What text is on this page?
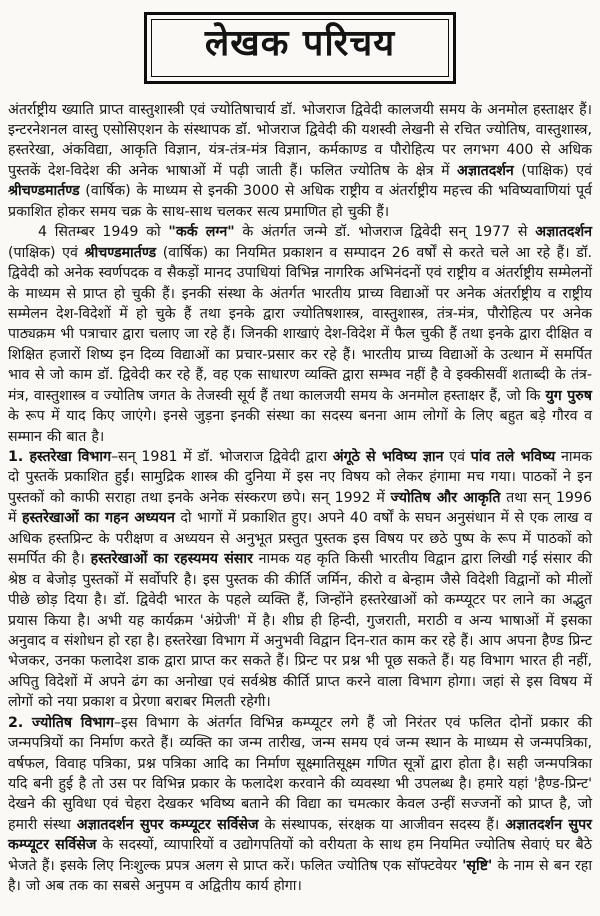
लेखक परिचय

अंतर्राष्ट्रीय ख्याति प्राप्त वास्तुशास्त्री एवं ज्योतिषाचार्य डॉ. भोजराज द्विवेदी कालजयी समय के अनमोल हस्ताक्षर हैं। इन्टरनेशनल वास्तु एसोसिएशन के संस्थापक डॉ. भोजराज द्विवेदी की यशस्वी लेखनी से रचित ज्योतिष, वास्तुशास्त्र, हस्तरेखा, अंकविद्या, आकृति विज्ञान, यंत्र-तंत्र-मंत्र विज्ञान, कर्मकाण्ड व पौरोहित्य पर लगभग 400 से अधिक पुस्तकें देश-विदेश की अनेक भाषाओं में पढ़ी जाती हैं। फलित ज्योतिष के क्षेत्र में अज्ञातदर्शन (पाक्षिक) एवं श्रीचण्डमार्तण्ड (वार्षिक) के माध्यम से इनकी 3000 से अधिक राष्ट्रीय व अंतर्राष्ट्रीय महत्त्व की भविष्यवाणियां पूर्व प्रकाशित होकर समय चक्र के साथ-साथ चलकर सत्य प्रमाणित हो चुकी हैं।

4 सितम्बर 1949 को "कर्क लग्न" के अंतर्गत जन्मे डॉ. भोजराज द्विवेदी सन् 1977 से अज्ञातदर्शन (पाक्षिक) एवं श्रीचण्डमार्तण्ड (वार्षिक) का नियमित प्रकाशन व सम्पादन 26 वर्षों से करते चले आ रहे हैं। डॉ. द्विवेदी को अनेक स्वर्णपदक व सैकड़ों मानद उपाधियां विभिन्न नागरिक अभिनंदनों एवं राष्ट्रीय व अंतर्राष्ट्रीय सम्मेलनों के माध्यम से प्राप्त हो चुकी हैं। इनकी संस्था के अंतर्गत भारतीय प्राच्य विद्याओं पर अनेक अंतर्राष्ट्रीय व राष्ट्रीय सम्मेलन देश-विदेशों में हो चुके हैं तथा इनके द्वारा ज्योतिषशास्त्र, वास्तुशास्त्र, तंत्र-मंत्र, पौरोहित्य पर अनेक पाठ्यक्रम भी पत्राचार द्वारा चलाए जा रहे हैं। जिनकी शाखाएं देश-विदेश में फैल चुकी हैं तथा इनके द्वारा दीक्षित व शिक्षित हजारों शिष्य इन दिव्य विद्याओं का प्रचार-प्रसार कर रहे हैं। भारतीय प्राच्य विद्याओं के उत्थान में समर्पित भाव से जो काम डॉ. द्विवेदी कर रहे हैं, वह एक साधारण व्यक्ति द्वारा सम्भव नहीं है वे इक्कीसवीं शताब्दी के तंत्र-मंत्र, वास्तुशास्त्र व ज्योतिष जगत के तेजस्वी सूर्य हैं तथा कालजयी समय के अनमोल हस्ताक्षर हैं, जो कि युग पुरुष के रूप में याद किए जाएंगे। इनसे जुड़ना इनकी संस्था का सदस्य बनना आम लोगों के लिए बहुत बड़े गौरव व सम्मान की बात है।

1. हस्तरेखा विभाग–सन् 1981 में डॉ. भोजराज द्विवेदी द्वारा अंगूठे से भविष्य ज्ञान एवं पांव तले भविष्य नामक दो पुस्तकें प्रकाशित हुईं। सामुद्रिक शास्त्र की दुनिया में इस नए विषय को लेकर हंगामा मच गया। पाठकों ने इन पुस्तकों को काफी सराहा तथा इनके अनेक संस्करण छपे। सन् 1992 में ज्योतिष और आकृति तथा सन् 1996 में हस्तरेखाओं का गहन अध्ययन दो भागों में प्रकाशित हुए। अपने 40 वर्षों के सघन अनुसंधान में से एक लाख व अधिक हस्तप्रिन्ट के परीक्षण व अध्ययन से अनुभूत प्रस्तुत पुस्तक इस विषय पर छठे पुष्प के रूप में पाठकों को समर्पित की है। हस्तरेखाओं का रहस्यमय संसार नामक यह कृति किसी भारतीय विद्वान द्वारा लिखी गई संसार की श्रेष्ठ व बेजोड़ पुस्तकों में सर्वोपरि है। इस पुस्तक की कीर्ति जर्मिन, कीरो व बेन्हाम जैसे विदेशी विद्वानों को मीलों पीछे छोड़ दिया है। डॉ. द्विवेदी भारत के पहले व्यक्ति हैं, जिन्होंने हस्तरेखाओं को कम्प्यूटर पर लाने का अद्भुत प्रयास किया है। अभी यह कार्यक्रम 'अंग्रेजी' में है। शीघ्र ही हिन्दी, गुजराती, मराठी व अन्य भाषाओं में इसका अनुवाद व संशोधन हो रहा है। हस्तरेखा विभाग में अनुभवी विद्वान दिन-रात काम कर रहे हैं। आप अपना हैण्ड प्रिन्ट भेजकर, उनका फलादेश डाक द्वारा प्राप्त कर सकते हैं। प्रिन्ट पर प्रश्न भी पूछ सकते हैं। यह विभाग भारत ही नहीं, अपितु विदेशों में अपने ढंग का अनोखा एवं सर्वश्रेष्ठ कीर्ति प्राप्त करने वाला विभाग होगा। जहां से इस विषय में लोगों को नया प्रकाश व प्रेरणा बराबर मिलती रहेगी।

2. ज्योतिष विभाग–इस विभाग के अंतर्गत विभिन्न कम्प्यूटर लगे हैं जो निरंतर एवं फलित दोनों प्रकार की जन्मपत्रियों का निर्माण करते हैं। व्यक्ति का जन्म तारीख, जन्म समय एवं जन्म स्थान के माध्यम से जन्मपत्रिका, वर्षफल, विवाह पत्रिका, प्रश्न पत्रिका आदि का निर्माण सूक्ष्मातिसूक्ष्म गणित सूत्रों द्वारा होता है। सही जन्मपत्रिका यदि बनी हुई है तो उस पर विभिन्न प्रकार के फलादेश करवाने की व्यवस्था भी उपलब्ध है। हमारे यहां 'हैण्ड-प्रिन्ट' देखने की सुविधा एवं चेहरा देखकर भविष्य बताने की विद्या का चमत्कार केवल उन्हीं सज्जनों को प्राप्त है, जो हमारी संस्था अज्ञातदर्शन सुपर कम्प्यूटर सर्विसेज के संस्थापक, संरक्षक या आजीवन सदस्य हैं। अज्ञातदर्शन सुपर कम्प्यूटर सर्विसेज के सदस्यों, व्यापारियों व उद्योगपतियों को वरीयता के साथ हम नियमित ज्योतिष सेवाएं घर बैठे भेजते हैं। इसके लिए निःशुल्क प्रपत्र अलग से प्राप्त करें। फलित ज्योतिष एक सॉफ्टवेयर 'सृष्टि' के नाम से बन रहा है। जो अब तक का सबसे अनुपम व अद्वितीय कार्य होगा।
